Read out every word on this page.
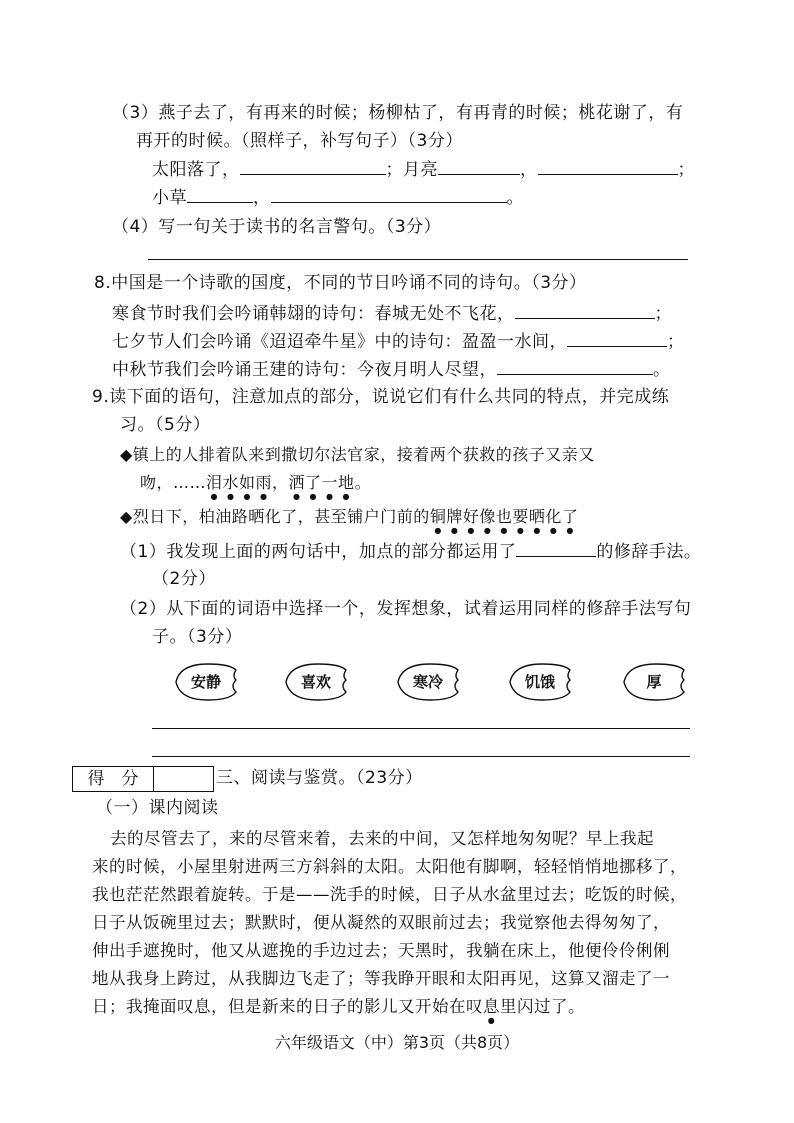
（3）燕子去了，有再来的时候；杨柳枯了，有再青的时候；桃花谢了，有
再开的时候。（照样子，补写句子）（3分）
太阳落了，	；月亮	，	；
小草	，	。
（4）写一句关于读书的名言警句。（3分）
8.中国是一个诗歌的国度，不同的节日吟诵不同的诗句。（3分）
寒食节时我们会吟诵韩翃的诗句：春城无处不飞花，	；
七夕节人们会吟诵《迢迢牵牛星》中的诗句：盈盈一水间，	；
中秋节我们会吟诵王建的诗句：今夜月明人尽望，	。
9.读下面的语句，注意加点的部分，说说它们有什么共同的特点，并完成练
习。（5分）
◆镇上的人排着队来到撒切尔法官家，接着两个获救的孩子又亲又
吻，……泪水如雨，洒了一地。
◆烈日下，柏油路晒化了，甚至铺户门前的铜牌好像也要晒化了
（1）我发现上面的两句话中，加点的部分都运用了	的修辞手法。
（2分）
（2）从下面的词语中选择一个，发挥想象，试着运用同样的修辞手法写句
子。（3分）
安静	喜欢	寒冷	饥饿	厚
得　分	三、阅读与鉴赏。（23分）
（一）课内阅读
去的尽管去了，来的尽管来着，去来的中间，又怎样地匆匆呢？早上我起
来的时候，小屋里射进两三方斜斜的太阳。太阳他有脚啊，轻轻悄悄地挪移了，
我也茫茫然跟着旋转。于是——洗手的时候，日子从水盆里过去；吃饭的时候，
日子从饭碗里过去；默默时，便从凝然的双眼前过去；我觉察他去得匆匆了，
伸出手遮挽时，他又从遮挽的手边过去；天黑时，我躺在床上，他便伶伶俐俐
地从我身上跨过，从我脚边飞走了；等我睁开眼和太阳再见，这算又溜走了一
日；我掩面叹息，但是新来的日子的影儿又开始在叹息里闪过了。
六年级语文（中）第3页（共8页）
